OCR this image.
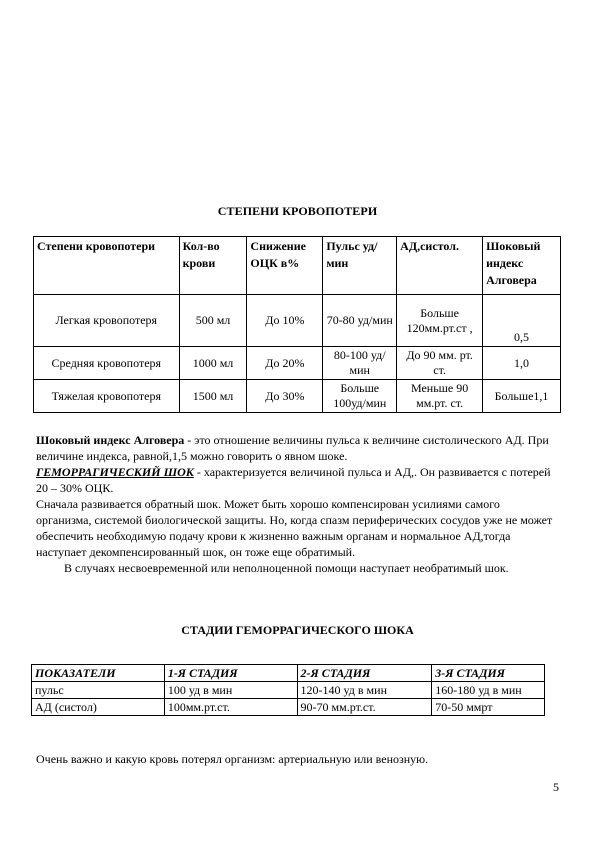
СТЕПЕНИ КРОВОПОТЕРИ
Степени кровопотери	Кол-во крови	Снижение ОЦК в%	Пульс уд/мин	АД,систол.	Шоковый индекс Алговера
Легкая кровопотеря	500 мл	До 10%	70-80 уд/мин	Больше 120мм.рт.ст ,	0,5
Средняя кровопотеря	1000 мл	До 20%	80-100 уд/мин	До 90 мм. рт. ст.	1,0
Тяжелая кровопотеря	1500 мл	До 30%	Больше 100уд/мин	Меньше 90 мм.рт. ст.	Больше1,1

Шоковый индекс Алговера - это отношение величины пульса к величине систолического АД. При величине индекса, равной,1,5 можно говорить о явном шоке.

ГЕМОРРАГИЧЕСКИЙ ШОК - характеризуется величиной пульса и АД,. Он развивается с потерей 20 – 30% ОЦК.

Сначала развивается обратный шок. Может быть хорошо компенсирован усилиями самого организма, системой биологической защиты. Но, когда спазм периферических сосудов уже не может обеспечить необходимую подачу крови к жизненно важным органам и нормальное АД,тогда наступает декомпенсированный шок, он тоже еще обратимый.

В случаях несвоевременной или неполноценной помощи наступает необратимый шок.

СТАДИИ ГЕМОРРАГИЧЕСКОГО ШОКА
ПОКАЗАТЕЛИ	1-Я СТАДИЯ	2-Я СТАДИЯ	3-Я СТАДИЯ
пульс	100 уд в мин	120-140 уд в мин	160-180 уд в мин
АД (систол)	100мм.рт.ст.	90-70 мм.рт.ст.	70-50 ммрт
Очень важно и какую кровь потерял организм: артериальную или венозную.
5
